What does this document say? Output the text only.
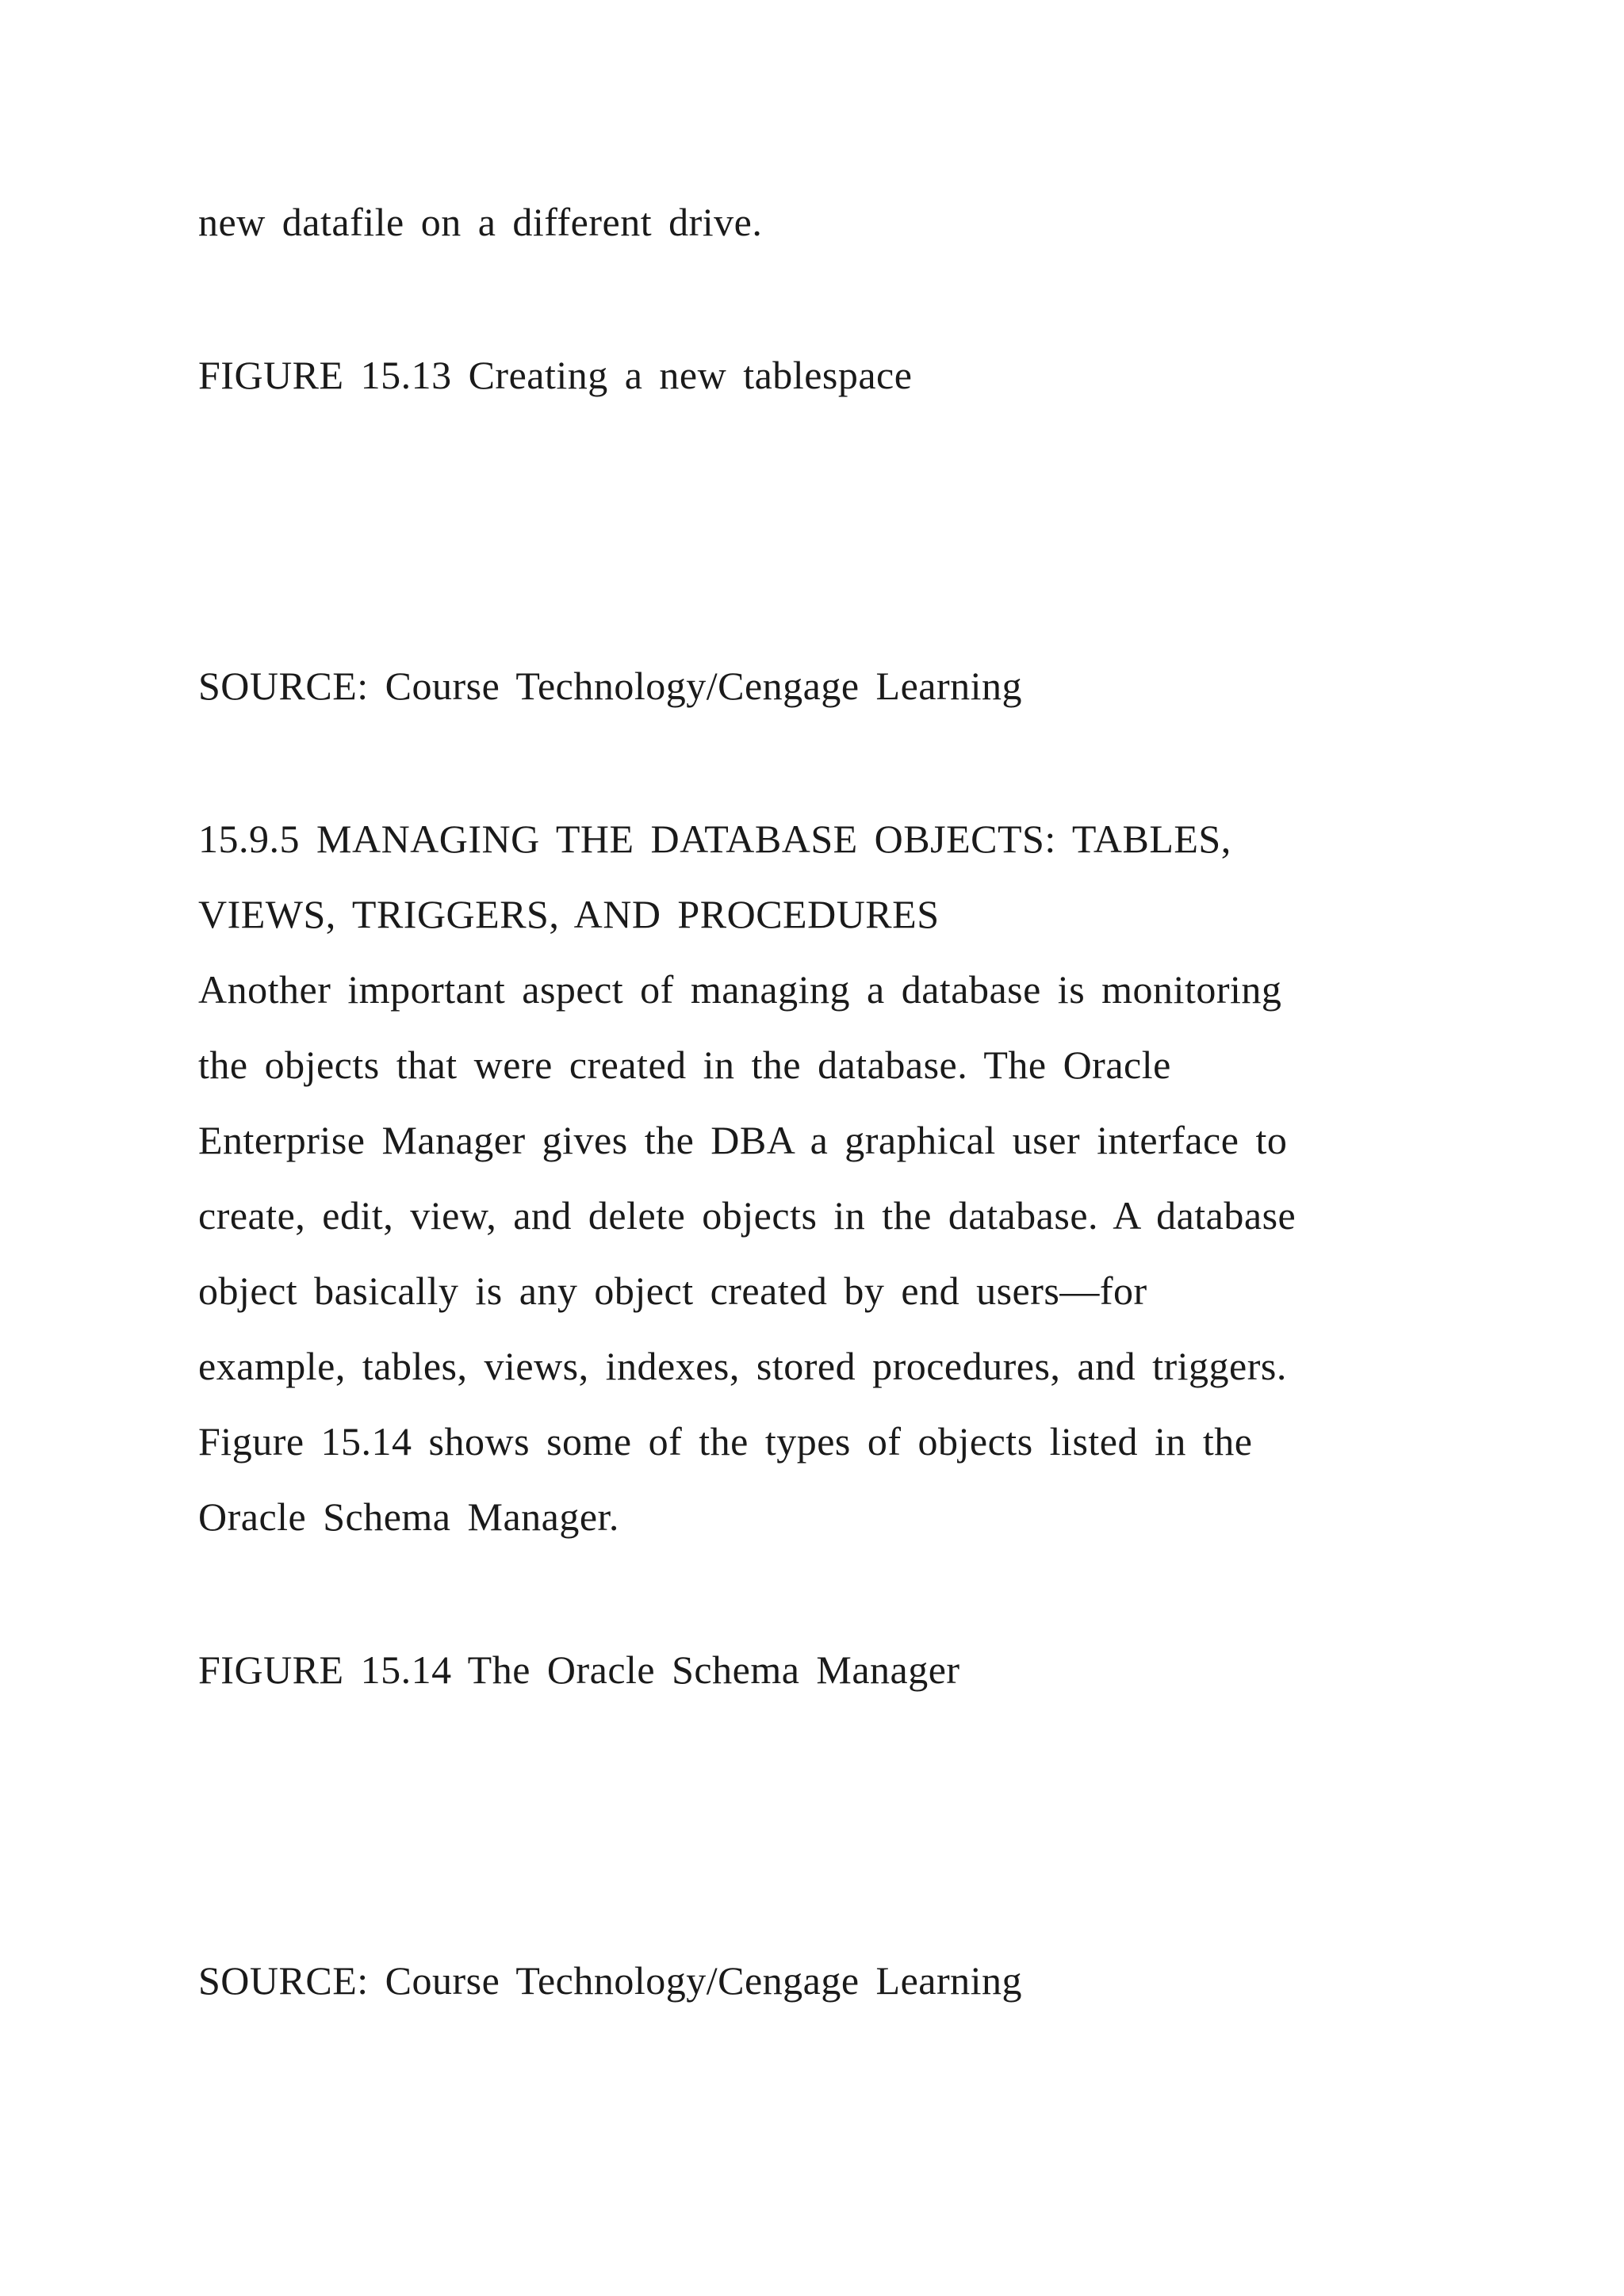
new datafile on a different drive.

FIGURE 15.13 Creating a new tablespace

SOURCE: Course Technology/Cengage Learning

15.9.5 MANAGING THE DATABASE OBJECTS: TABLES,

VIEWS, TRIGGERS, AND PROCEDURES

Another important aspect of managing a database is monitoring

the objects that were created in the database. The Oracle

Enterprise Manager gives the DBA a graphical user interface to

create, edit, view, and delete objects in the database. A database

object basically is any object created by end users—for

example, tables, views, indexes, stored procedures, and triggers.

Figure 15.14 shows some of the types of objects listed in the

Oracle Schema Manager.

FIGURE 15.14 The Oracle Schema Manager

SOURCE: Course Technology/Cengage Learning
